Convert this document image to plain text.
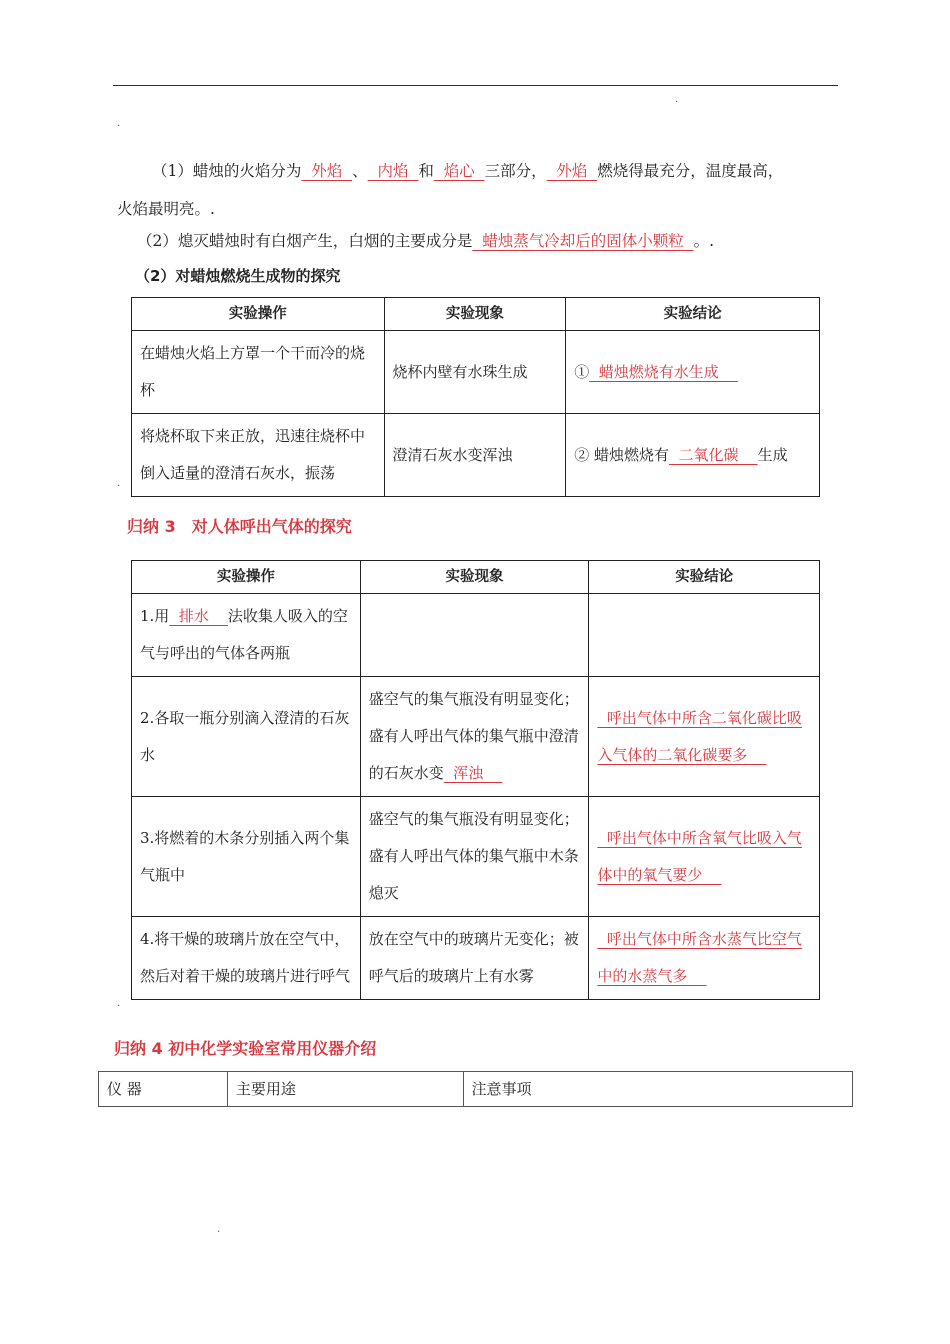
.
.
（1）蜡烛的火焰分为  外焰  、  内焰  和  焰心  三部分，  外焰  燃烧得最充分，温度最高，
火焰最明亮。.
（2）熄灭蜡烛时有白烟产生，白烟的主要成分是  蜡烛蒸气冷却后的固体小颗粒  。.
（2）对蜡烛燃烧生成物的探究
实验操作	实验现象	实验结论
在蜡烛火焰上方罩一个干而冷的烧杯	烧杯内壁有水珠生成	①  蜡烛燃烧有水生成
将烧杯取下来正放，迅速往烧杯中倒入适量的澄清石灰水，振荡	澄清石灰水变浑浊	② 蜡烛燃烧有  二氧化碳    生成
.
归纳 3　对人体呼出气体的探究
实验操作	实验现象	实验结论
1.用  排水    法收集人吸入的空气与呼出的气体各两瓶		
2.各取一瓶分别滴入澄清的石灰水	盛空气的集气瓶没有明显变化；盛有人呼出气体的集气瓶中澄清的石灰水变  浑浊	呼出气体中所含二氧化碳比吸入气体的二氧化碳要多
3.将燃着的木条分别插入两个集气瓶中	盛空气的集气瓶没有明显变化；盛有人呼出气体的集气瓶中木条熄灭	呼出气体中所含氧气比吸入气体中的氧气要少
4.将干燥的玻璃片放在空气中，然后对着干燥的玻璃片进行呼气	放在空气中的玻璃片无变化；被呼气后的玻璃片上有水雾	呼出气体中所含水蒸气比空气中的水蒸气多
.
归纳 4 初中化学实验室常用仪器介绍
仪 器	主要用途	注意事项
.
